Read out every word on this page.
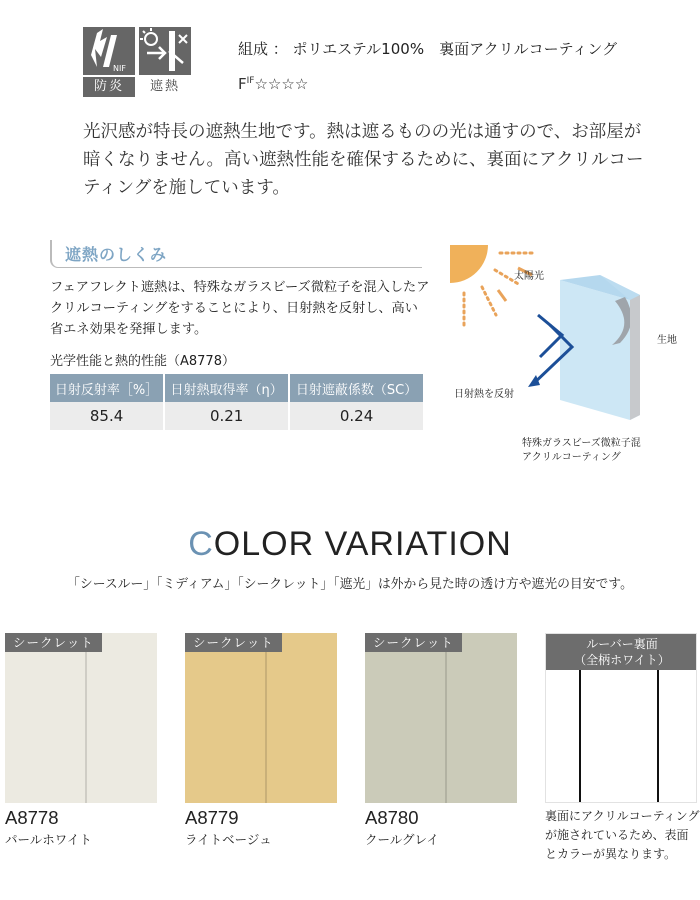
NIF
防炎	遮熱
組成 ： ポリエステル100%　裏面アクリルコーティング
$F^{IF}☆☆☆☆$

光沢感が特長の遮熱生地です。熱は遮るものの光は通すので、お部屋が暗くなりません。高い遮熱性能を確保するために、裏面にアクリルコーティングを施しています。

遮熱のしくみ

フェアフレクト遮熱は、特殊なガラスビーズ微粒子を混入したアクリルコーティングをすることにより、日射熱を反射し、高い省エネ効果を発揮します。

光学性能と熱的性能（A8778）
日射反射率［%］	日射熱取得率（η）	日射遮蔽係数（SC）
85.4	0.21	0.24
太陽光
生地
日射熱を反射
特殊ガラスビーズ微粒子混
アクリルコーティング
COLOR VARIATION
「シースルー」「ミディアム」「シークレット」「遮光」は外から見た時の透け方や遮光の目安です。
シークレット	シークレット	シークレット	ルーバー裏面
（全柄ホワイト）
A8778
パールホワイト
A8779
ライトベージュ
A8780
クールグレイ

裏面にアクリルコーティングが施されているため、表面とカラーが異なります。
